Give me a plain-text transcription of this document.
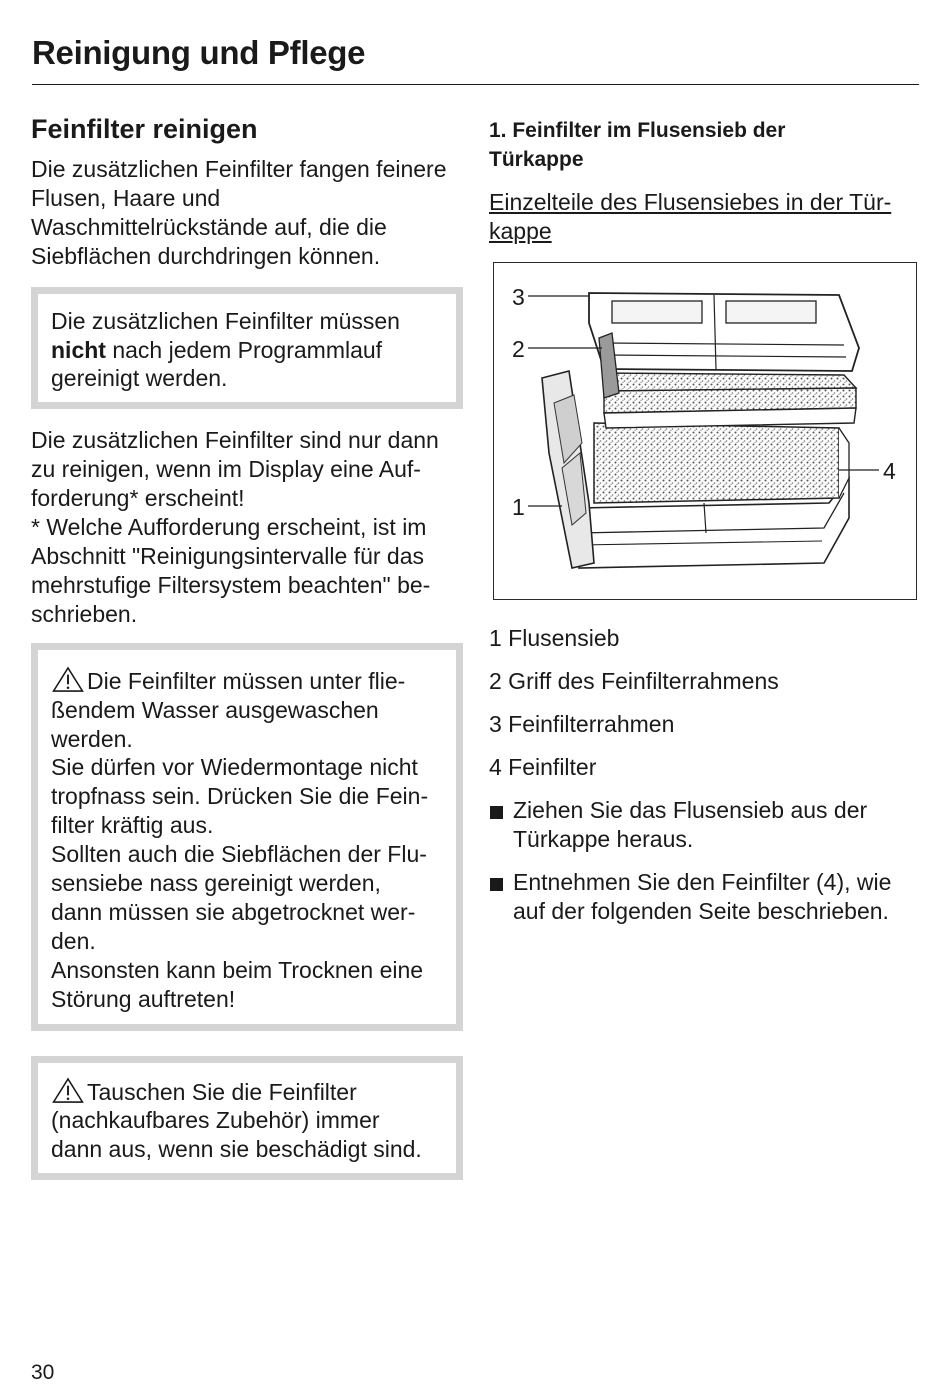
Reinigung und Pflege
Feinfilter reinigen

Die zusätzlichen Feinfilter fangen feinere Flusen, Haare und Waschmittelrückstände auf, die die Siebflächen durchdringen können.

Die zusätzlichen Feinfilter müssen nicht nach jedem Programmlauf gereinigt werden.

Die zusätzlichen Feinfilter sind nur dann

zu reinigen, wenn im Display eine Auf-

forderung* erscheint!

* Welche Aufforderung erscheint, ist im

Abschnitt "Reinigungsintervalle für das

mehrstufige Filtersystem beachten" be-

schrieben.

Die Feinfilter müssen unter flie-

ßendem Wasser ausgewaschen

werden.

Sie dürfen vor Wiedermontage nicht

tropfnass sein. Drücken Sie die Fein-

filter kräftig aus.

Sollten auch die Siebflächen der Flu-

sensiebe nass gereinigt werden,

dann müssen sie abgetrocknet wer-

den.

Ansonsten kann beim Trocknen eine

Störung auftreten!

Tauschen Sie die Feinfilter

(nachkaufbares Zubehör) immer

dann aus, wenn sie beschädigt sind.

1. Feinfilter im Flusensieb der
Türkappe
Einzelteile des Flusensiebes in der Tür-
kappe
3
2
1
4
1 Flusensieb
2 Griff des Feinfilterrahmens
3 Feinfilterrahmen
4 Feinfilter
Ziehen Sie das Flusensieb aus der
Türkappe heraus.
Entnehmen Sie den Feinfilter (4), wie
auf der folgenden Seite beschrieben.
30
